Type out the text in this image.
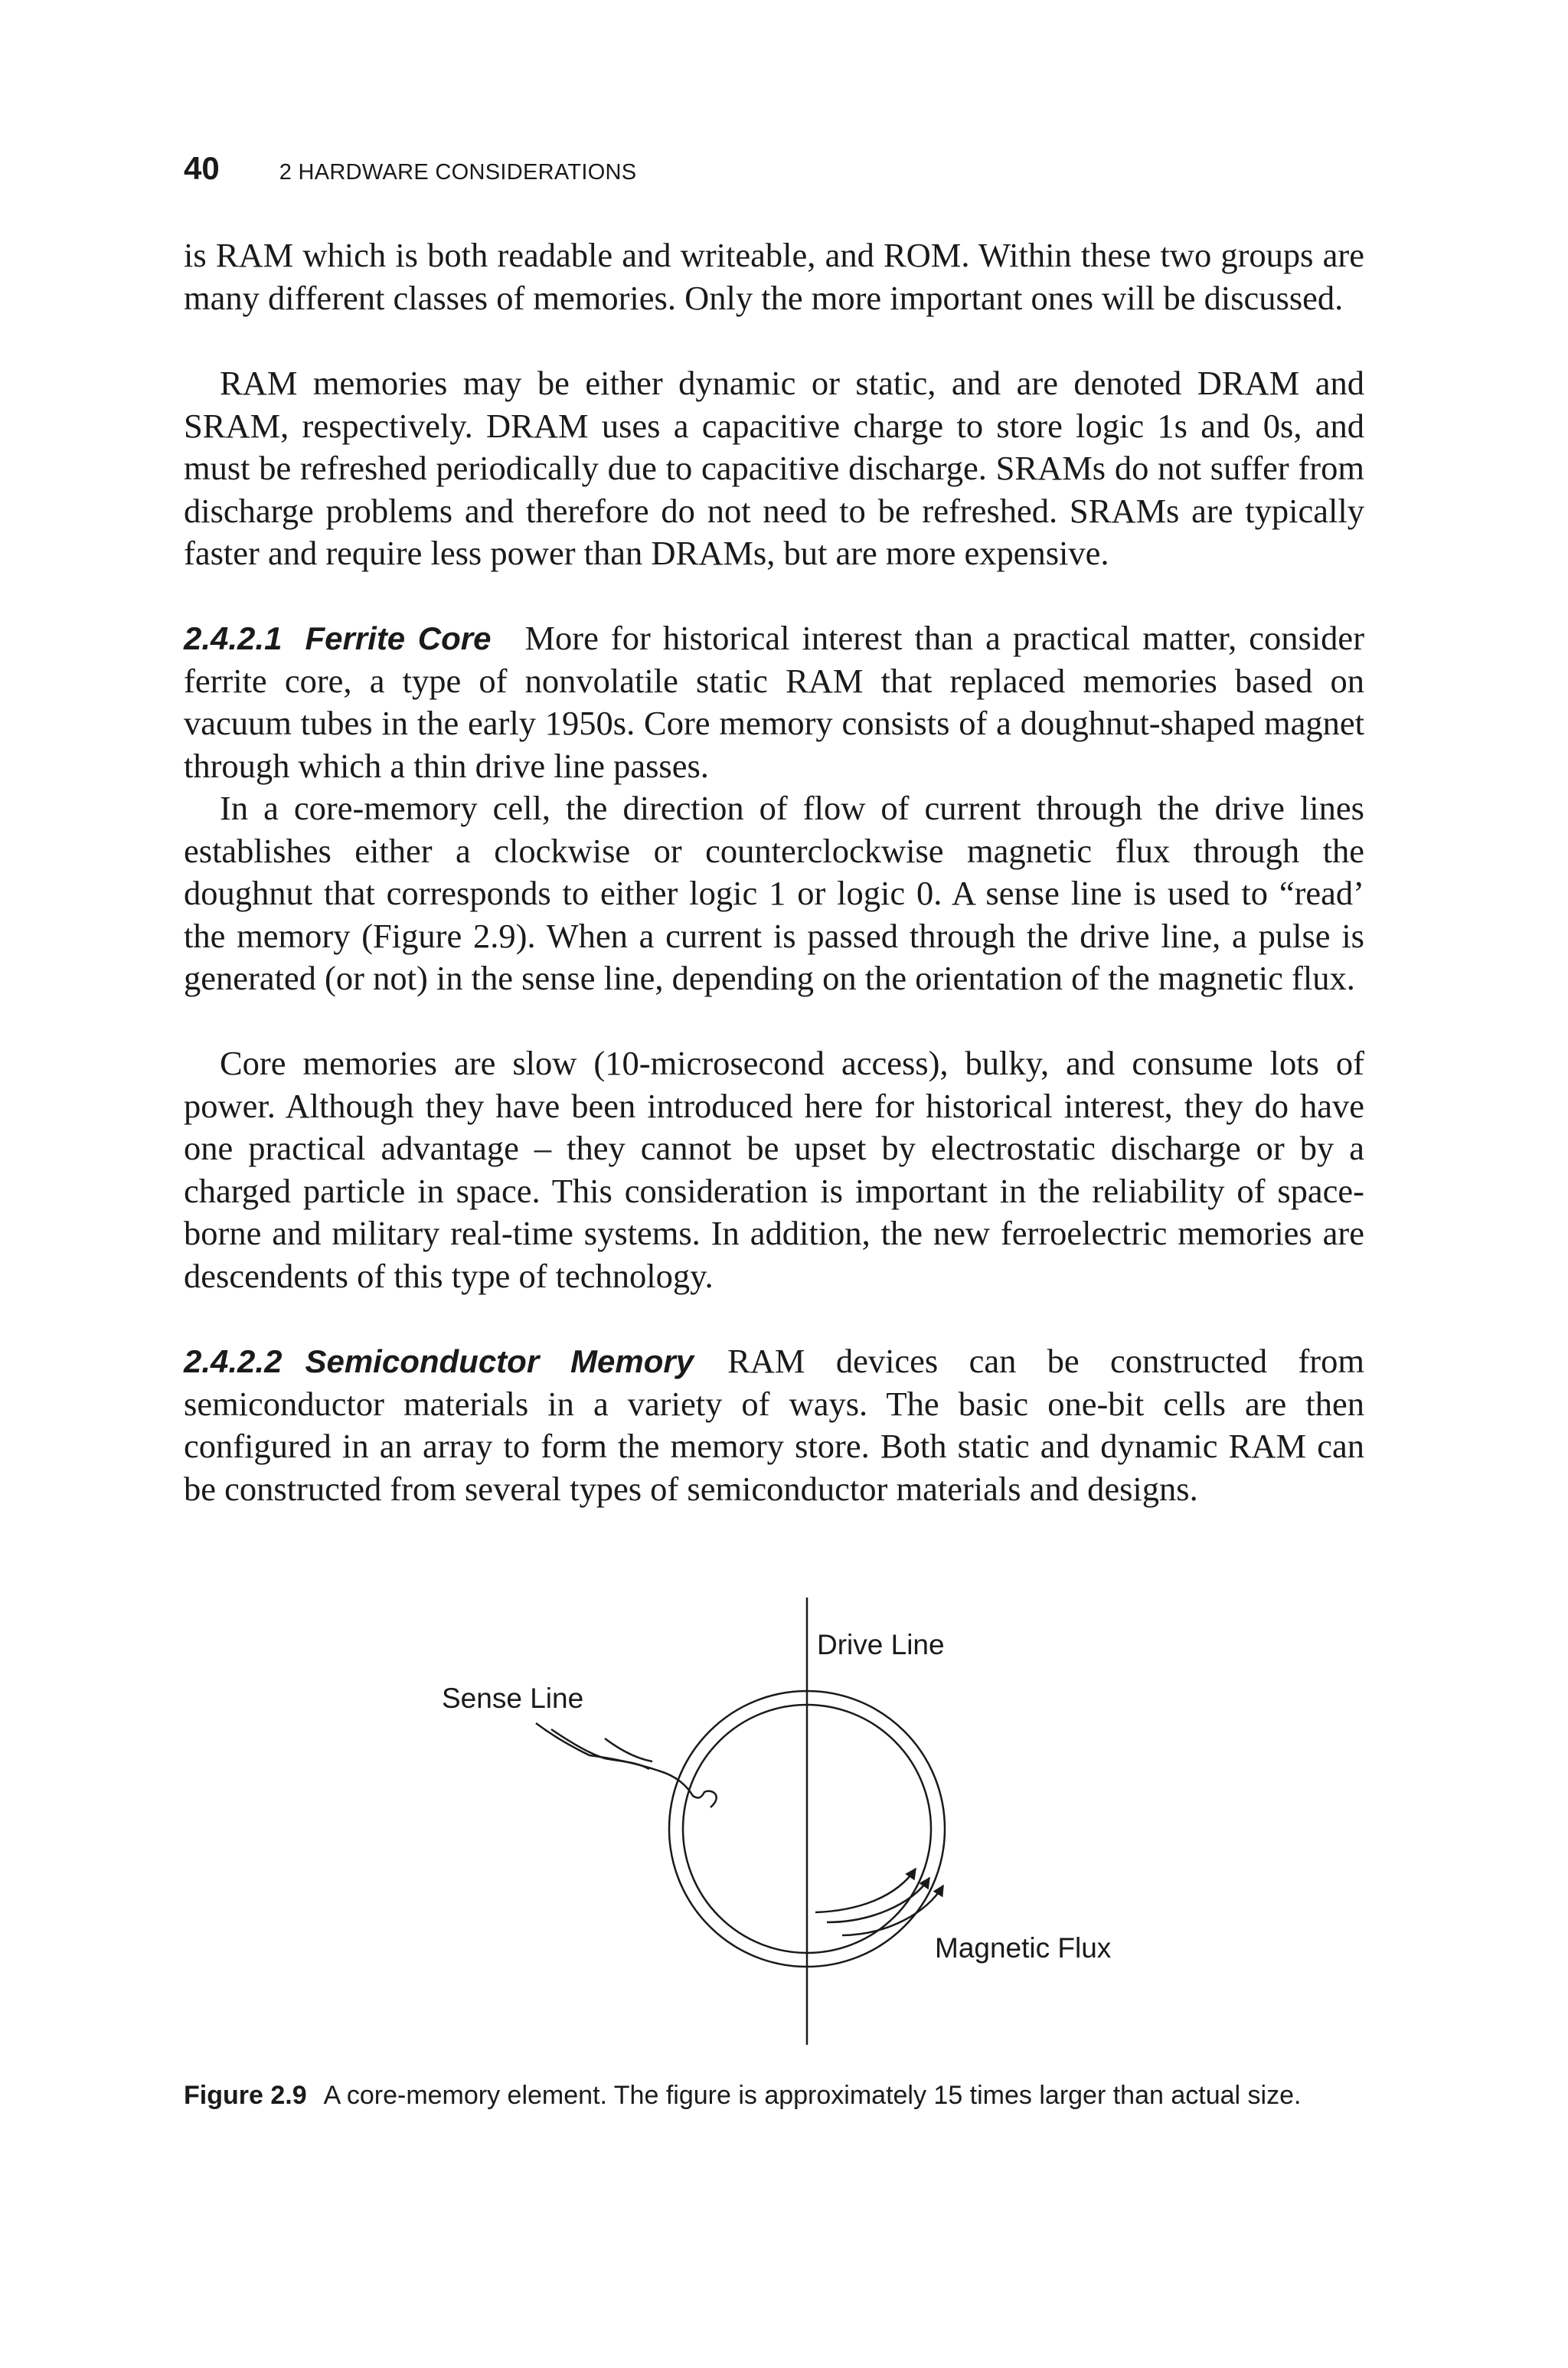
40	2 HARDWARE CONSIDERATIONS

is RAM which is both readable and writeable, and ROM. Within these two groups are many different classes of memories. Only the more important ones will be discussed.

RAM memories may be either dynamic or static, and are denoted DRAM and SRAM, respectively. DRAM uses a capacitive charge to store logic 1s and 0s, and must be refreshed periodically due to capacitive discharge. SRAMs do not suffer from discharge problems and therefore do not need to be refreshed. SRAMs are typically faster and require less power than DRAMs, but are more expensive.

2.4.2.1 Ferrite Core More for historical interest than a practical matter, consider ferrite core, a type of nonvolatile static RAM that replaced memories based on vacuum tubes in the early 1950s. Core memory consists of a doughnut-shaped magnet through which a thin drive line passes.

In a core-memory cell, the direction of flow of current through the drive lines establishes either a clockwise or counterclockwise magnetic flux through the doughnut that corresponds to either logic 1 or logic 0. A sense line is used to “read’ the memory (Figure 2.9). When a current is passed through the drive line, a pulse is generated (or not) in the sense line, depending on the orientation of the magnetic flux.

Core memories are slow (10-microsecond access), bulky, and consume lots of power. Although they have been introduced here for historical interest, they do have one practical advantage – they cannot be upset by electrostatic discharge or by a charged particle in space. This consideration is important in the reliability of space-borne and military real-time systems. In addition, the new ferroelectric memories are descendents of this type of technology.

2.4.2.2 Semiconductor Memory RAM devices can be constructed from semiconductor materials in a variety of ways. The basic one-bit cells are then configured in an array to form the memory store. Both static and dynamic RAM can be constructed from several types of semiconductor materials and designs.

Drive Line
Sense Line
Magnetic Flux

Figure 2.9 A core-memory element. The figure is approximately 15 times larger than actual size.
